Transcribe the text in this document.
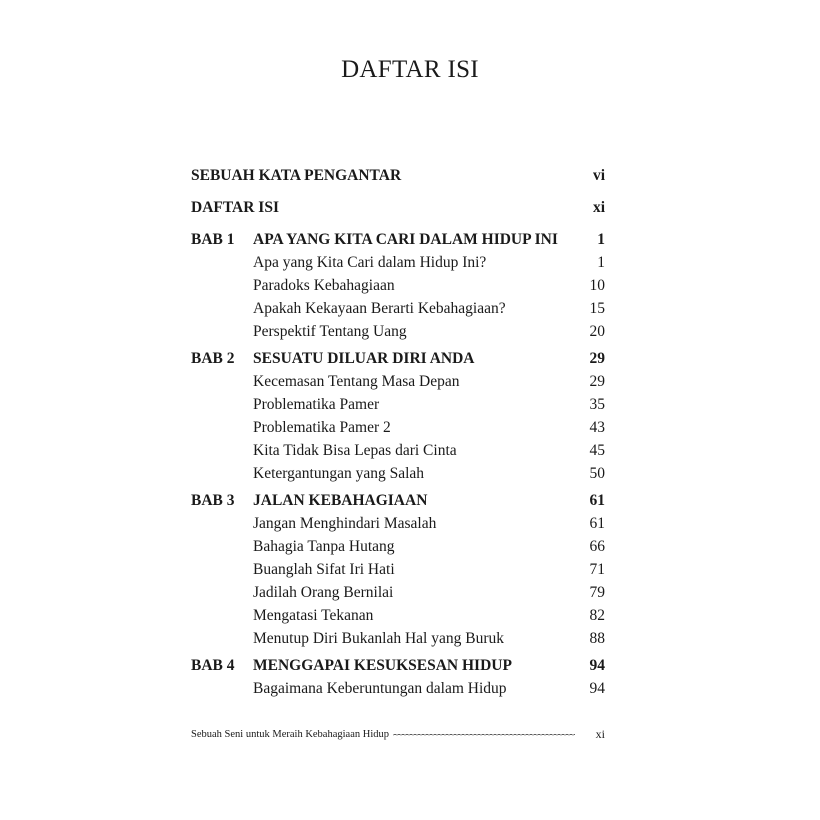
DAFTAR ISI
SEBUAH KATA PENGANTAR	vi
DAFTAR ISI	xi
BAB 1	APA YANG KITA CARI DALAM HIDUP INI	1
Apa yang Kita Cari dalam Hidup Ini?	1
Paradoks Kebahagiaan	10
Apakah Kekayaan Berarti Kebahagiaan?	15
Perspektif Tentang Uang	20
BAB 2	SESUATU DILUAR DIRI ANDA	29
Kecemasan Tentang Masa Depan	29
Problematika Pamer	35
Problematika Pamer 2	43
Kita Tidak Bisa Lepas dari Cinta	45
Ketergantungan yang Salah	50
BAB 3	JALAN KEBAHAGIAAN	61
Jangan Menghindari Masalah	61
Bahagia Tanpa Hutang	66
Buanglah Sifat Iri Hati	71
Jadilah Orang Bernilai	79
Mengatasi Tekanan	82
Menutup Diri Bukanlah Hal yang Buruk	88
BAB 4	MENGGAPAI KESUKSESAN HIDUP	94
Bagaimana Keberuntungan dalam Hidup	94
Sebuah Seni untuk Meraih Kebahagiaan Hidup	xi
